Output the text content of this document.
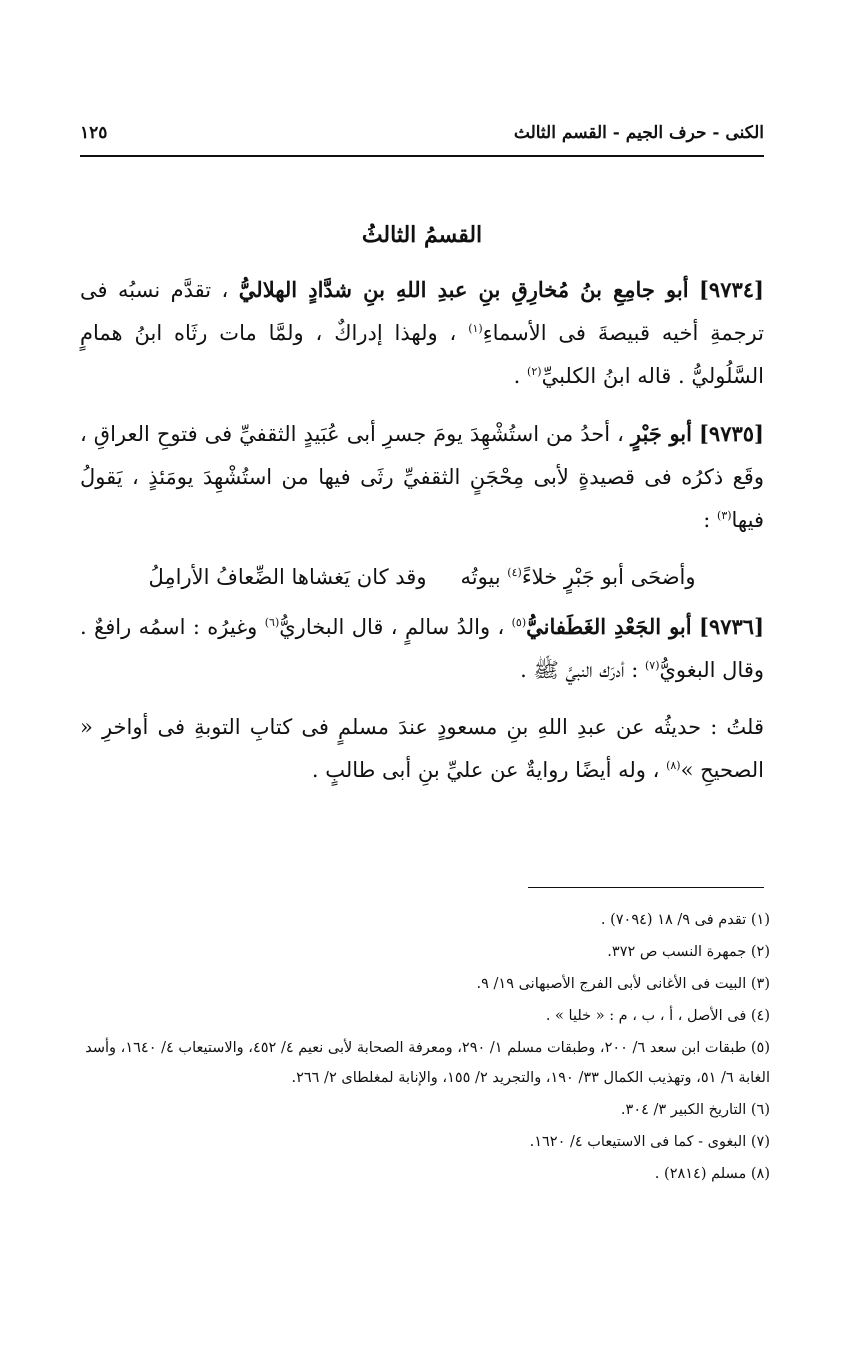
الكنى - حرف الجيم - القسم الثالث
١٢٥
القسمُ الثالثُ

[٩٧٣٤] أبو جامِعِ بنُ مُخارِقِ بنِ عبدِ اللهِ بنِ شدَّادٍ الهلاليُّ ، تقدَّم نسبُه فى ترجمةِ أخيه قبيصةَ فى الأسماءِ$^{(١)}$ ، ولهذا إدراكٌ ، ولمَّا مات رثَاه ابنُ همامٍ السَّلُوليُّ . قاله ابنُ الكلبيِّ$^{(٢)}$ .

[٩٧٣٥] أبو جَبْرٍ ، أحدُ من استُشْهِدَ يومَ جسرِ أبى عُبَيدٍ الثقفيِّ فى فتوحِ العراقِ ، وقَع ذكرُه فى قصيدةٍ لأبى مِحْجَنٍ الثقفيِّ رثَى فيها من استُشْهِدَ يومَئذٍ ، يَقولُ فيها$^{(٣)}$ :

وأضحَى أبو جَبْرٍ خلاءً$^{(٤)}$ بيوتُه
وقد كان يَغشاها الضِّعافُ الأرامِلُ

[٩٧٣٦] أبو الجَعْدِ الغَطَفانيُّ$^{(٥)}$ ، والدُ سالمٍ ، قال البخاريُّ$^{(٦)}$ وغيرُه : اسمُه رافعٌ . وقال البغويُّ$^{(٧)}$ : أدرَك النبيَّ ﷺ .

قلتُ : حديثُه عن عبدِ اللهِ بنِ مسعودٍ عندَ مسلمٍ فى كتابِ التوبةِ فى أواخرِ « الصحيحِ »$^{(٨)}$ ، وله أيضًا روايةٌ عن عليِّ بنِ أبى طالبٍ .

(١) تقدم فى ٩/ ١٨ (٧٠٩٤) .

(٢) جمهرة النسب ص ٣٧٢.

(٣) البيت فى الأغانى لأبى الفرج الأصبهانى ١٩/ ٩.

(٤) فى الأصل ، أ ، ب ، م : « خليا » .

(٥) طبقات ابن سعد ٦/ ٢٠٠، وطبقات مسلم ١/ ٢٩٠، ومعرفة الصحابة لأبى نعيم ٤/ ٤٥٢، والاستيعاب ٤/ ١٦٤٠، وأسد الغابة ٦/ ٥١، وتهذيب الكمال ٣٣/ ١٩٠، والتجريد ٢/ ١٥٥، والإنابة لمغلطاى ٢/ ٢٦٦.

(٦) التاريخ الكبير ٣/ ٣٠٤.

(٧) البغوى - كما فى الاستيعاب ٤/ ١٦٢٠.

(٨) مسلم (٢٨١٤) .
